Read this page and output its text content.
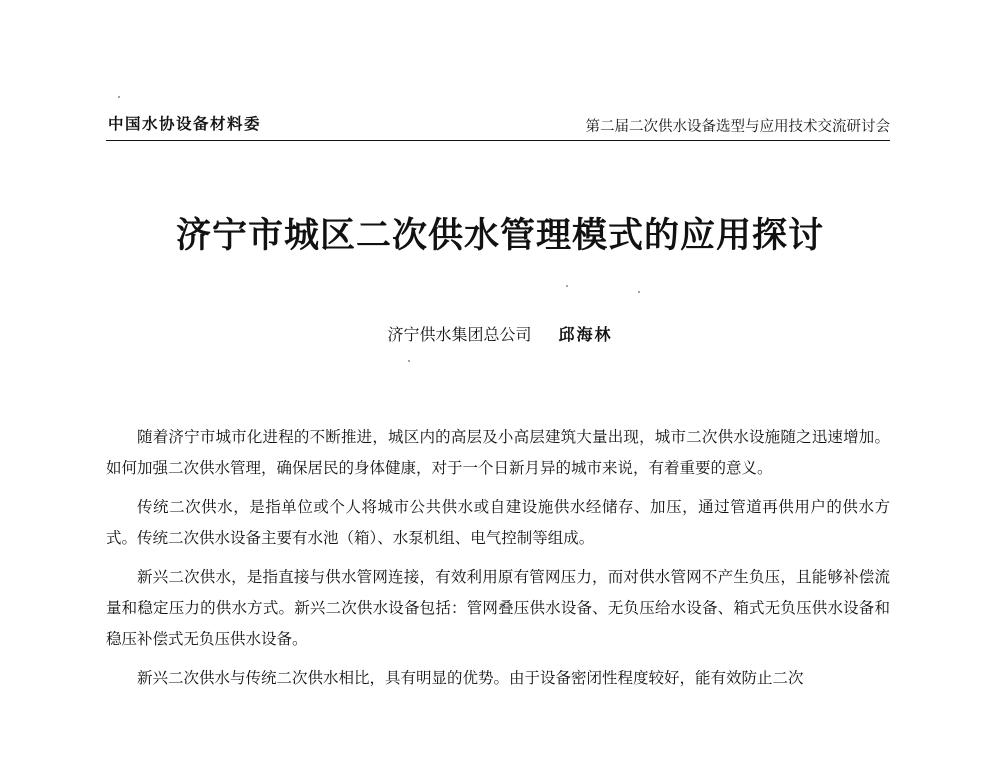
中国水协设备材料委	第二届二次供水设备选型与应用技术交流研讨会
济宁市城区二次供水管理模式的应用探讨
济宁供水集团总公司 邱海林

随着济宁市城市化进程的不断推进，城区内的高层及小高层建筑大量出现，城市二次供水设施随之迅速增加。如何加强二次供水管理，确保居民的身体健康，对于一个日新月异的城市来说，有着重要的意义。

传统二次供水，是指单位或个人将城市公共供水或自建设施供水经储存、加压，通过管道再供用户的供水方式。传统二次供水设备主要有水池（箱）、水泵机组、电气控制等组成。

新兴二次供水，是指直接与供水管网连接，有效利用原有管网压力，而对供水管网不产生负压，且能够补偿流量和稳定压力的供水方式。新兴二次供水设备包括：管网叠压供水设备、无负压给水设备、箱式无负压供水设备和稳压补偿式无负压供水设备。

新兴二次供水与传统二次供水相比，具有明显的优势。由于设备密闭性程度较好，能有效防止二次
